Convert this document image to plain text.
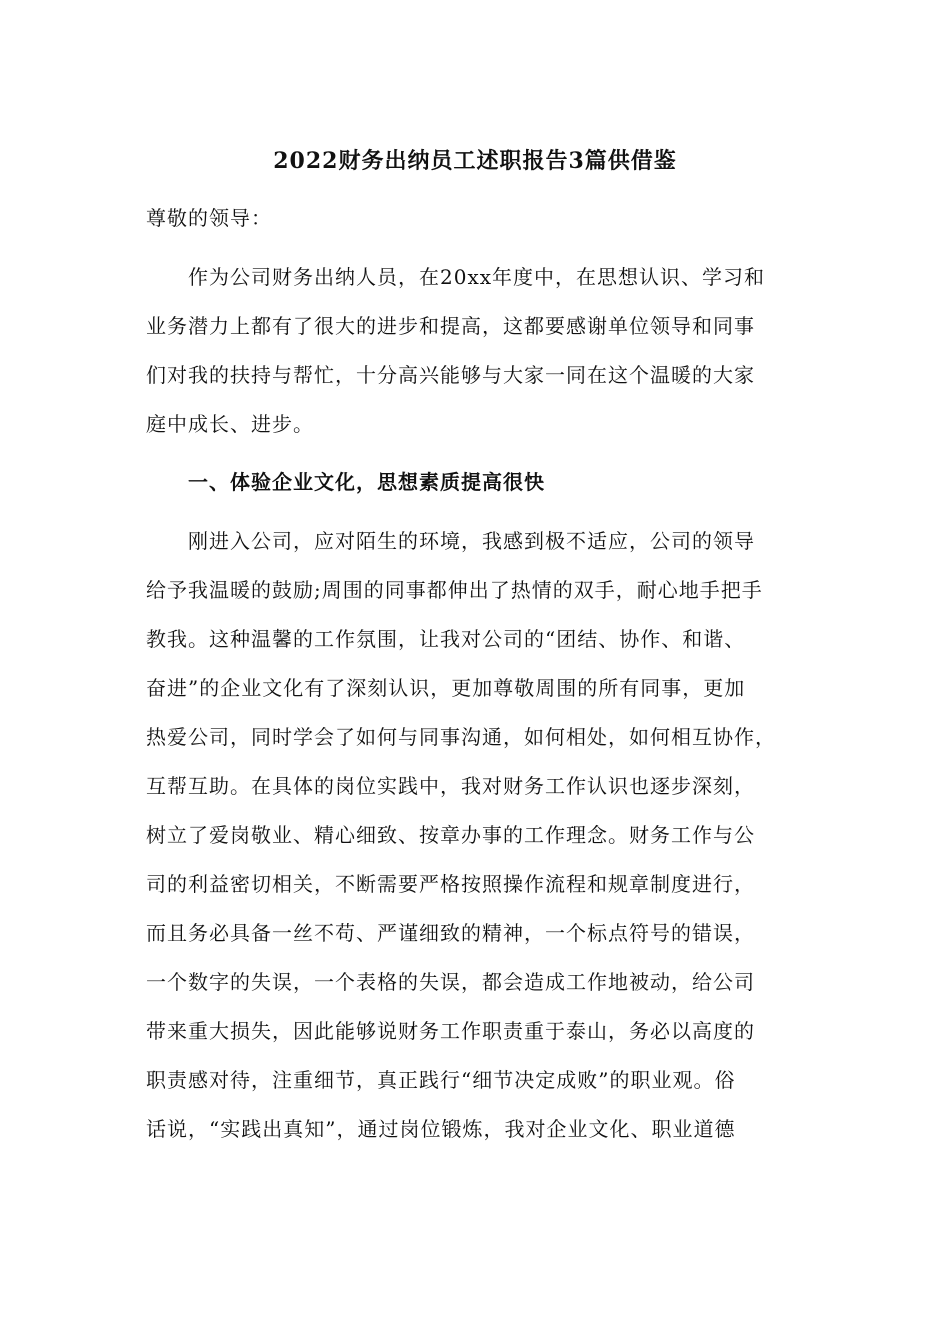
2022财务出纳员工述职报告3篇供借鉴
尊敬的领导：
作为公司财务出纳人员，在20xx年度中，在思想认识、学习和
业务潜力上都有了很大的进步和提高，这都要感谢单位领导和同事
们对我的扶持与帮忙，十分高兴能够与大家一同在这个温暖的大家
庭中成长、进步。
一、体验企业文化，思想素质提高很快
刚进入公司，应对陌生的环境，我感到极不适应，公司的领导
给予我温暖的鼓励;周围的同事都伸出了热情的双手，耐心地手把手
教我。这种温馨的工作氛围，让我对公司的“团结、协作、和谐、
奋进”的企业文化有了深刻认识，更加尊敬周围的所有同事，更加
热爱公司，同时学会了如何与同事沟通，如何相处，如何相互协作，
互帮互助。在具体的岗位实践中，我对财务工作认识也逐步深刻，
树立了爱岗敬业、精心细致、按章办事的工作理念。财务工作与公
司的利益密切相关，不断需要严格按照操作流程和规章制度进行，
而且务必具备一丝不苟、严谨细致的精神，一个标点符号的错误，
一个数字的失误，一个表格的失误，都会造成工作地被动，给公司
带来重大损失，因此能够说财务工作职责重于泰山，务必以高度的
职责感对待，注重细节，真正践行“细节决定成败”的职业观。俗
话说，“实践出真知”，通过岗位锻炼，我对企业文化、职业道德
